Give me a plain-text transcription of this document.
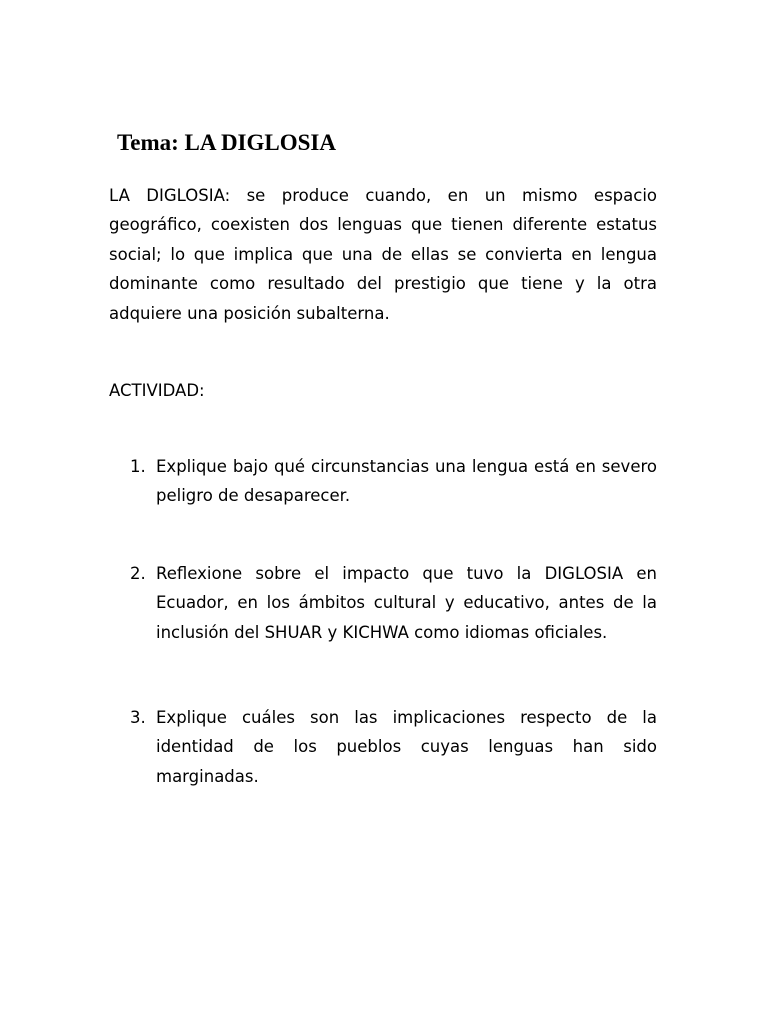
Tema: LA DIGLOSIA

LA DIGLOSIA: se produce cuando, en un mismo espacio geográfico, coexisten dos lenguas que tienen diferente estatus social; lo que implica que una de ellas se convierta en lengua dominante como resultado del prestigio que tiene y la otra adquiere una posición subalterna.

ACTIVIDAD:

1. Explique bajo qué circunstancias una lengua está en severo peligro de desaparecer.

2. Reflexione sobre el impacto que tuvo la DIGLOSIA en Ecuador, en los ámbitos cultural y educativo, antes de la inclusión del SHUAR y KICHWA como idiomas oficiales.

3. Explique cuáles son las implicaciones respecto de la identidad de los pueblos cuyas lenguas han sido marginadas.
